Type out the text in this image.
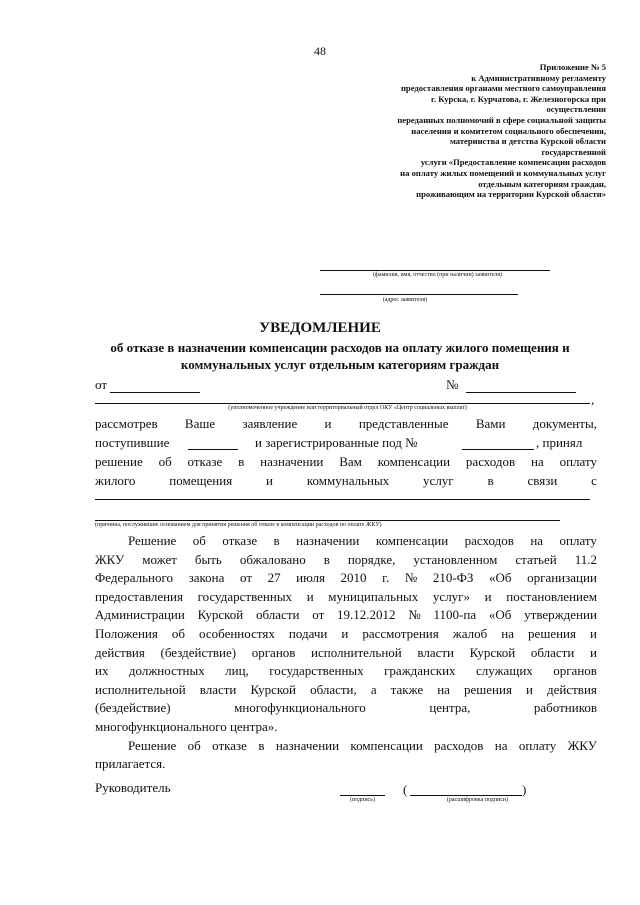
48
Приложение № 5
к Административному регламенту
предоставления органами местного самоуправления
г. Курска, г. Курчатова, г. Железногорска при
осуществлении
переданных полномочий в сфере социальной защиты
населения и комитетом социального обеспечения,
материнства и детства Курской области
государственной
услуги «Предоставление компенсации расходов
на оплату жилых помещений и коммунальных услуг
отдельным категориям граждан,
проживающим на территории Курской области»
(фамилия, имя, отчество (при наличии) заявителя)
(адрес заявителя)
УВЕДОМЛЕНИЕ
об отказе в назначении компенсации расходов на оплату жилого помещения и коммунальных услуг отдельным категориям граждан
от	№
,
(уполномоченное учреждение или территориальный отдел ОКУ «Центр социальных выплат)
рассмотрев Ваше заявление и представленные Вами документы,
поступившие	и зарегистрированные под №	, принял
решение об отказе в назначении Вам компенсации расходов на оплату
жилого	помещения	и	коммунальных	услуг	в	связи	с
(причины, послужившие основанием для принятия решения об отказе в компенсации расходов по оплате ЖКУ)
Решение об отказе в назначении компенсации расходов на оплату
ЖКУ может быть обжаловано в порядке, установленном статьей 11.2
Федерального закона от 27 июля 2010 г. № 210-ФЗ «Об организации
предоставления государственных и муниципальных услуг» и постановлением
Администрации Курской области от 19.12.2012 № 1100-па «Об утверждении
Положения об особенностях подачи и рассмотрения жалоб на решения и
действия (бездействие) органов исполнительной власти Курской области и
их должностных лиц, государственных гражданских служащих органов
исполнительной власти Курской области, а также на решения и действия
(бездействие)	многофункционального	центра,	работников
многофункционального центра».
Решение об отказе в назначении компенсации расходов на оплату ЖКУ
прилагается.
Руководитель
(подпись)
(	)
(расшифровка подписи)
